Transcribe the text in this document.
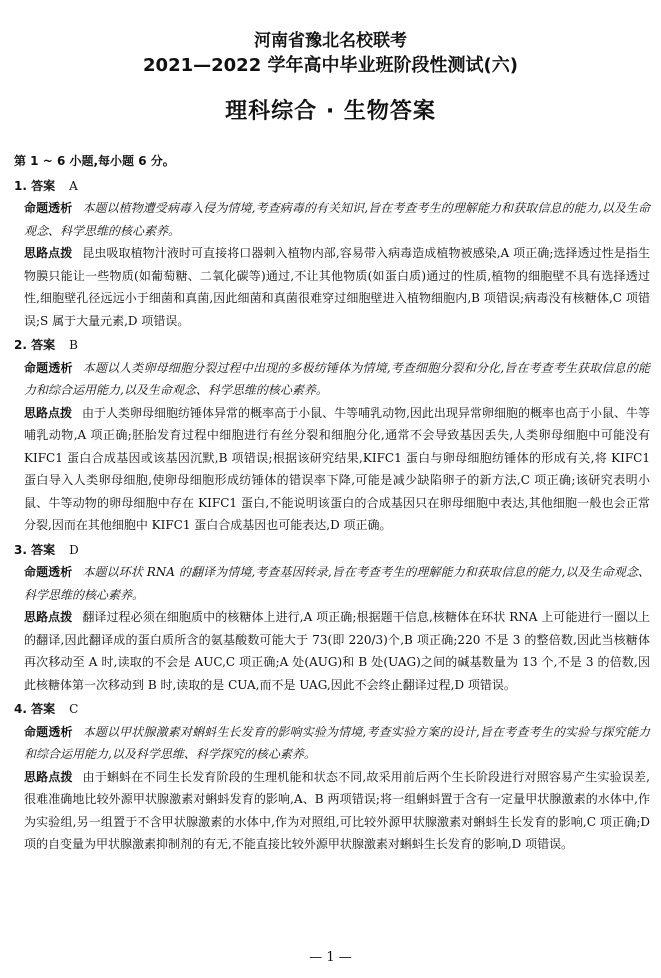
河南省豫北名校联考
2021—2022 学年高中毕业班阶段性测试(六)
理科综合 · 生物答案
第 1 ~ 6 小题,每小题 6 分。
1. 答案 A
命题透析 本题以植物遭受病毒入侵为情境,考查病毒的有关知识,旨在考查考生的理解能力和获取信息的能力,以及生命观念、科学思维的核心素养。
思路点拨 昆虫吸取植物汁液时可直接将口器刺入植物内部,容易带入病毒造成植物被感染,A 项正确;选择透过性是指生物膜只能让一些物质(如葡萄糖、二氧化碳等)通过,不让其他物质(如蛋白质)通过的性质,植物的细胞壁不具有选择透过性,细胞壁孔径远远小于细菌和真菌,因此细菌和真菌很难穿过细胞壁进入植物细胞内,B 项错误;病毒没有核糖体,C 项错误;S 属于大量元素,D 项错误。
2. 答案 B
命题透析 本题以人类卵母细胞分裂过程中出现的多极纺锤体为情境,考查细胞分裂和分化,旨在考查考生获取信息的能力和综合运用能力,以及生命观念、科学思维的核心素养。
思路点拨 由于人类卵母细胞纺锤体异常的概率高于小鼠、牛等哺乳动物,因此出现异常卵细胞的概率也高于小鼠、牛等哺乳动物,A 项正确;胚胎发育过程中细胞进行有丝分裂和细胞分化,通常不会导致基因丢失,人类卵母细胞中可能没有 KIFC1 蛋白合成基因或该基因沉默,B 项错误;根据该研究结果,KIFC1 蛋白与卵母细胞纺锤体的形成有关,将 KIFC1 蛋白导入人类卵母细胞,使卵母细胞形成纺锤体的错误率下降,可能是减少缺陷卵子的新方法,C 项正确;该研究表明小鼠、牛等动物的卵母细胞中存在 KIFC1 蛋白,不能说明该蛋白的合成基因只在卵母细胞中表达,其他细胞一般也会正常分裂,因而在其他细胞中 KIFC1 蛋白合成基因也可能表达,D 项正确。
3. 答案 D
命题透析 本题以环状 RNA 的翻译为情境,考查基因转录,旨在考查考生的理解能力和获取信息的能力,以及生命观念、科学思维的核心素养。
思路点拨 翻译过程必须在细胞质中的核糖体上进行,A 项正确;根据题干信息,核糖体在环状 RNA 上可能进行一圈以上的翻译,因此翻译成的蛋白质所含的氨基酸数可能大于 73(即 220/3)个,B 项正确;220 不是 3 的整倍数,因此当核糖体再次移动至 A 时,读取的不会是 AUC,C 项正确;A 处(AUG)和 B 处(UAG)之间的碱基数量为 13 个,不是 3 的倍数,因此核糖体第一次移动到 B 时,读取的是 CUA,而不是 UAG,因此不会终止翻译过程,D 项错误。
4. 答案 C
命题透析 本题以甲状腺激素对蝌蚪生长发育的影响实验为情境,考查实验方案的设计,旨在考查考生的实验与探究能力和综合运用能力,以及科学思维、科学探究的核心素养。
思路点拨 由于蝌蚪在不同生长发育阶段的生理机能和状态不同,故采用前后两个生长阶段进行对照容易产生实验误差,很难准确地比较外源甲状腺激素对蝌蚪发育的影响,A、B 两项错误;将一组蝌蚪置于含有一定量甲状腺激素的水体中,作为实验组,另一组置于不含甲状腺激素的水体中,作为对照组,可比较外源甲状腺激素对蝌蚪生长发育的影响,C 项正确;D 项的自变量为甲状腺激素抑制剂的有无,不能直接比较外源甲状腺激素对蝌蚪生长发育的影响,D 项错误。
— 1 —
